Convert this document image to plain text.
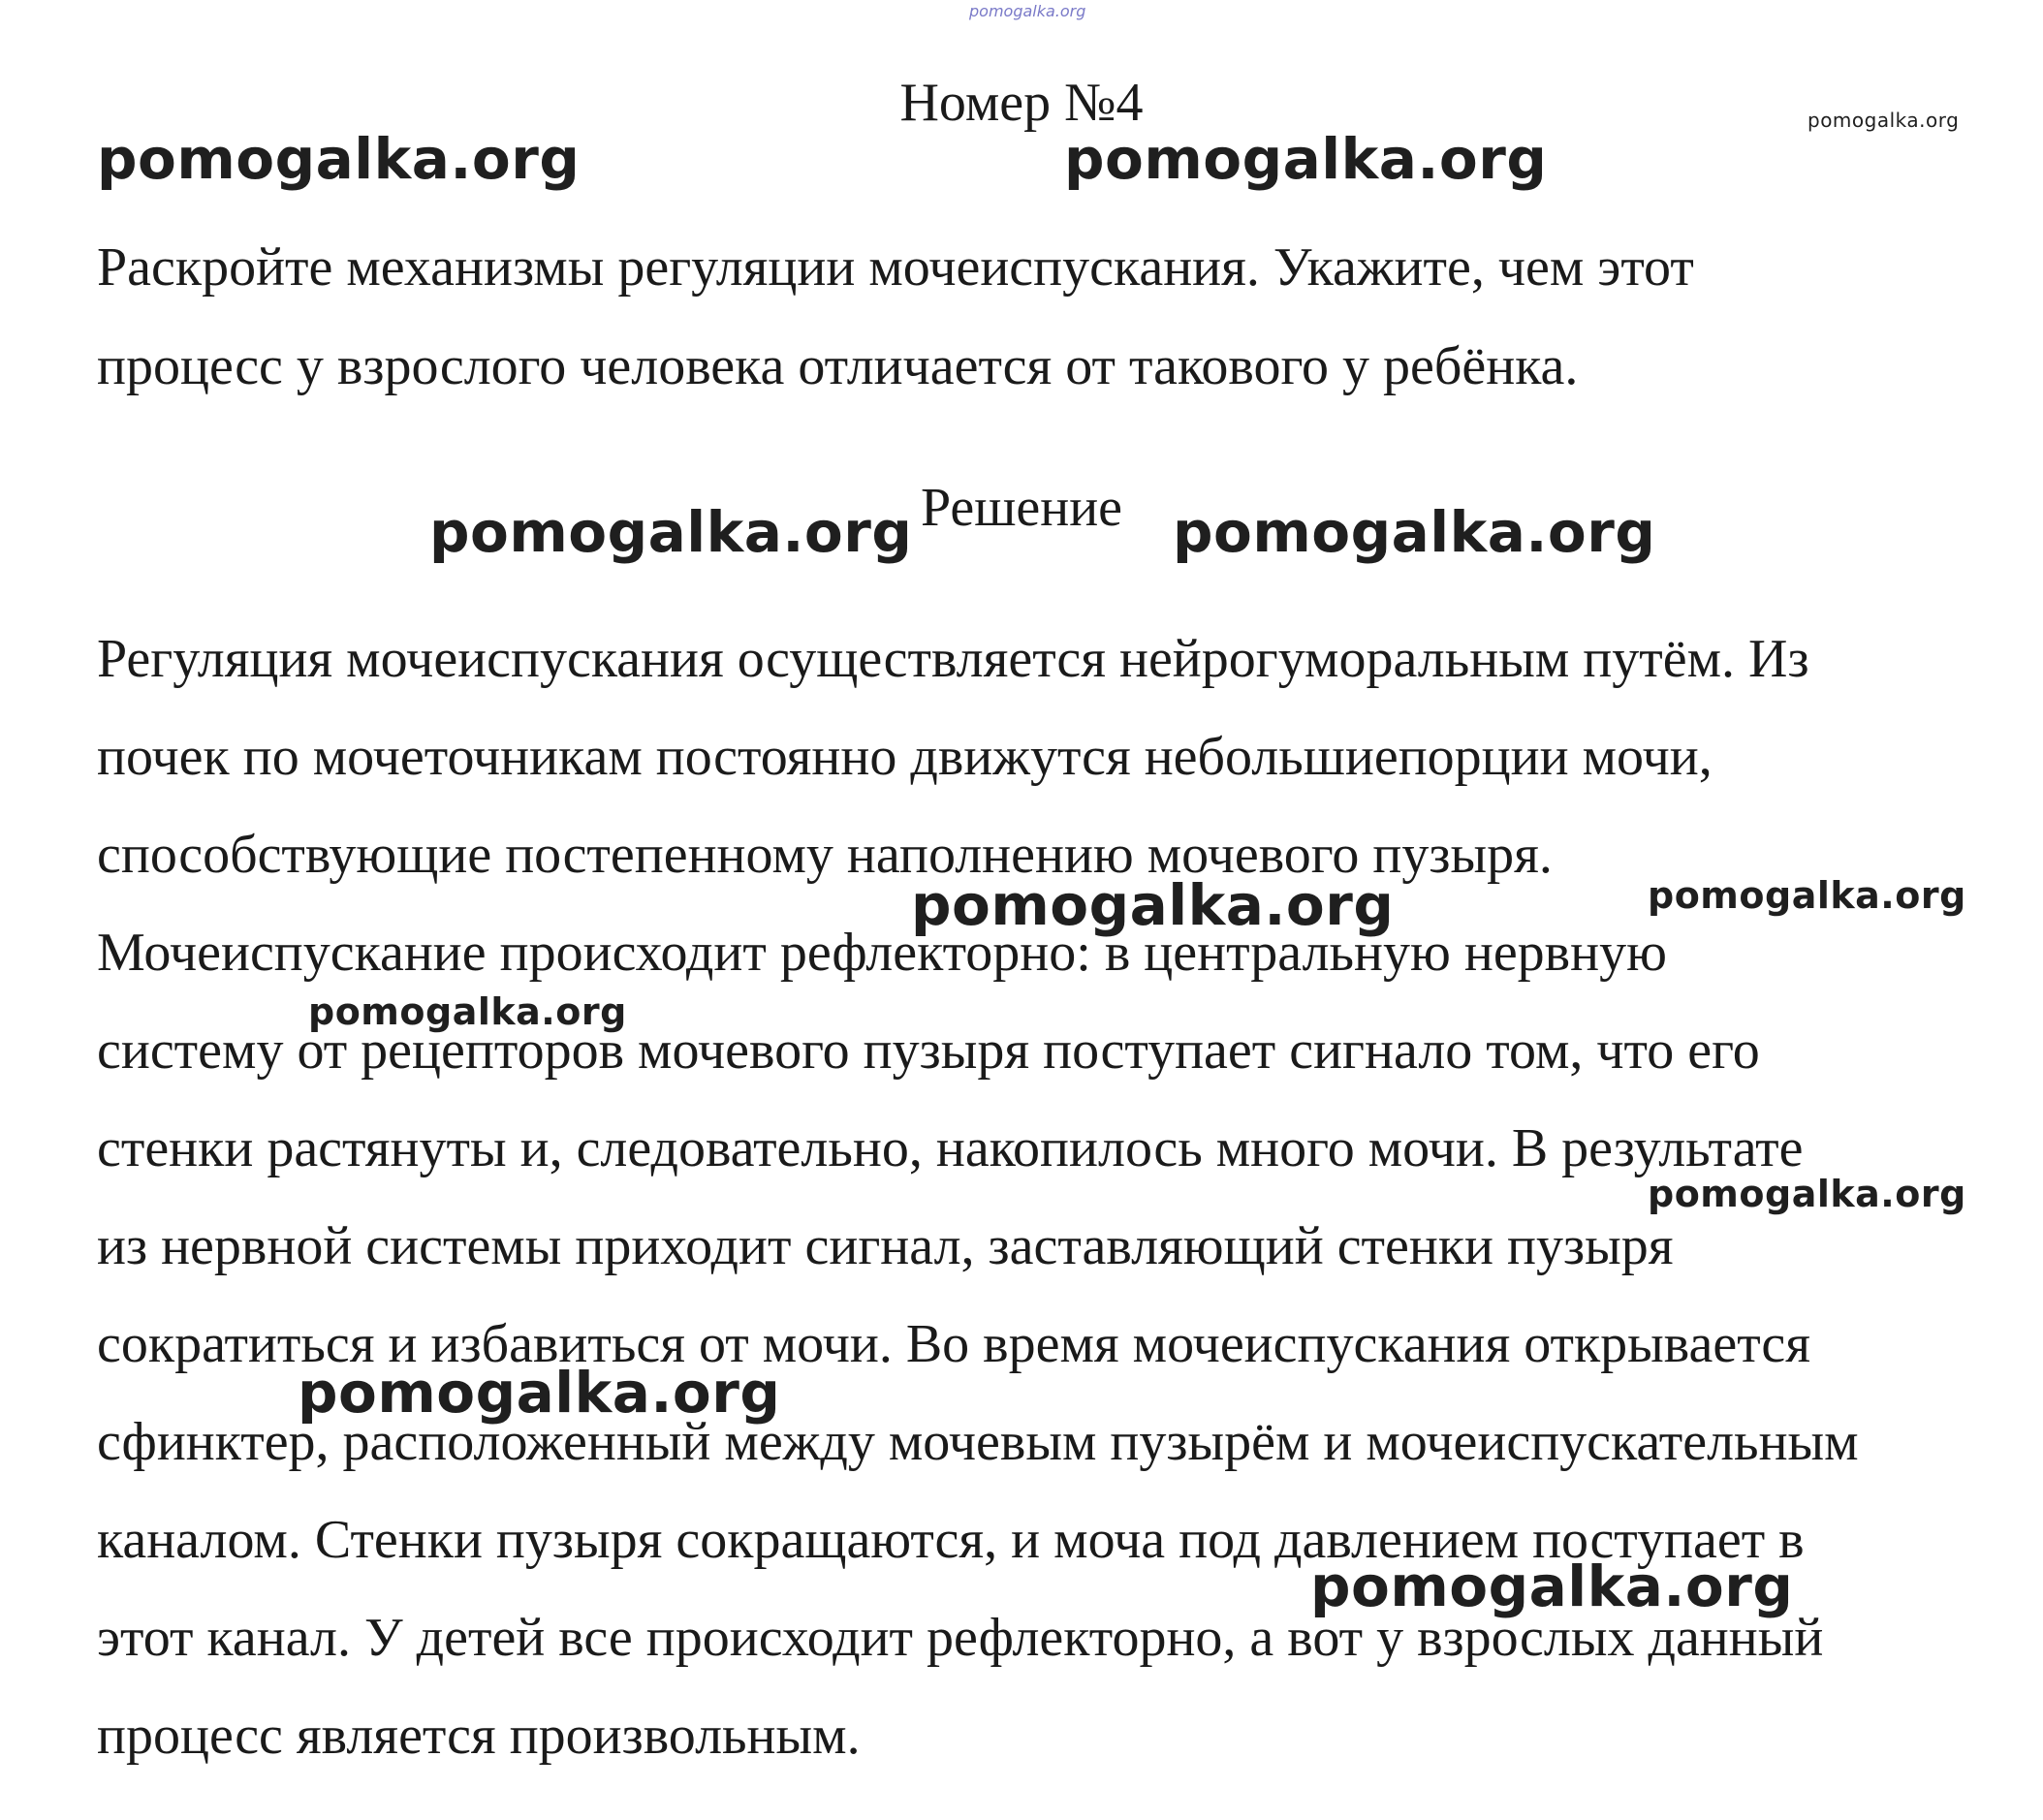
pomogalka.org
Номер №4	pomogalka.org
pomogalka.org	pomogalka.org
Раскройте механизмы регуляции мочеиспускания. Укажите, чем этот
процесс у взрослого человека отличается от такового у ребёнка.
Решение
pomogalka.org	pomogalka.org
Регуляция мочеиспускания осуществляется нейрогуморальным путём. Из
почек по мочеточникам постоянно движутся небольшиепорции мочи,
способствующие постепенному наполнению мочевого пузыря.
Мочеиспускание происходит рефлекторно: в центральную нервную
систему от рецепторов мочевого пузыря поступает сигнало том, что его
стенки растянуты и, следовательно, накопилось много мочи. В результате
из нервной системы приходит сигнал, заставляющий стенки пузыря
сократиться и избавиться от мочи. Во время мочеиспускания открывается
сфинктер, расположенный между мочевым пузырём и мочеиспускательным
каналом. Стенки пузыря сокращаются, и моча под давлением поступает в
этот канал. У детей все происходит рефлекторно, а вот у взрослых данный
процесс является произвольным.
pomogalka.org	pomogalka.org
pomogalka.org
pomogalka.org
pomogalka.org
pomogalka.org
